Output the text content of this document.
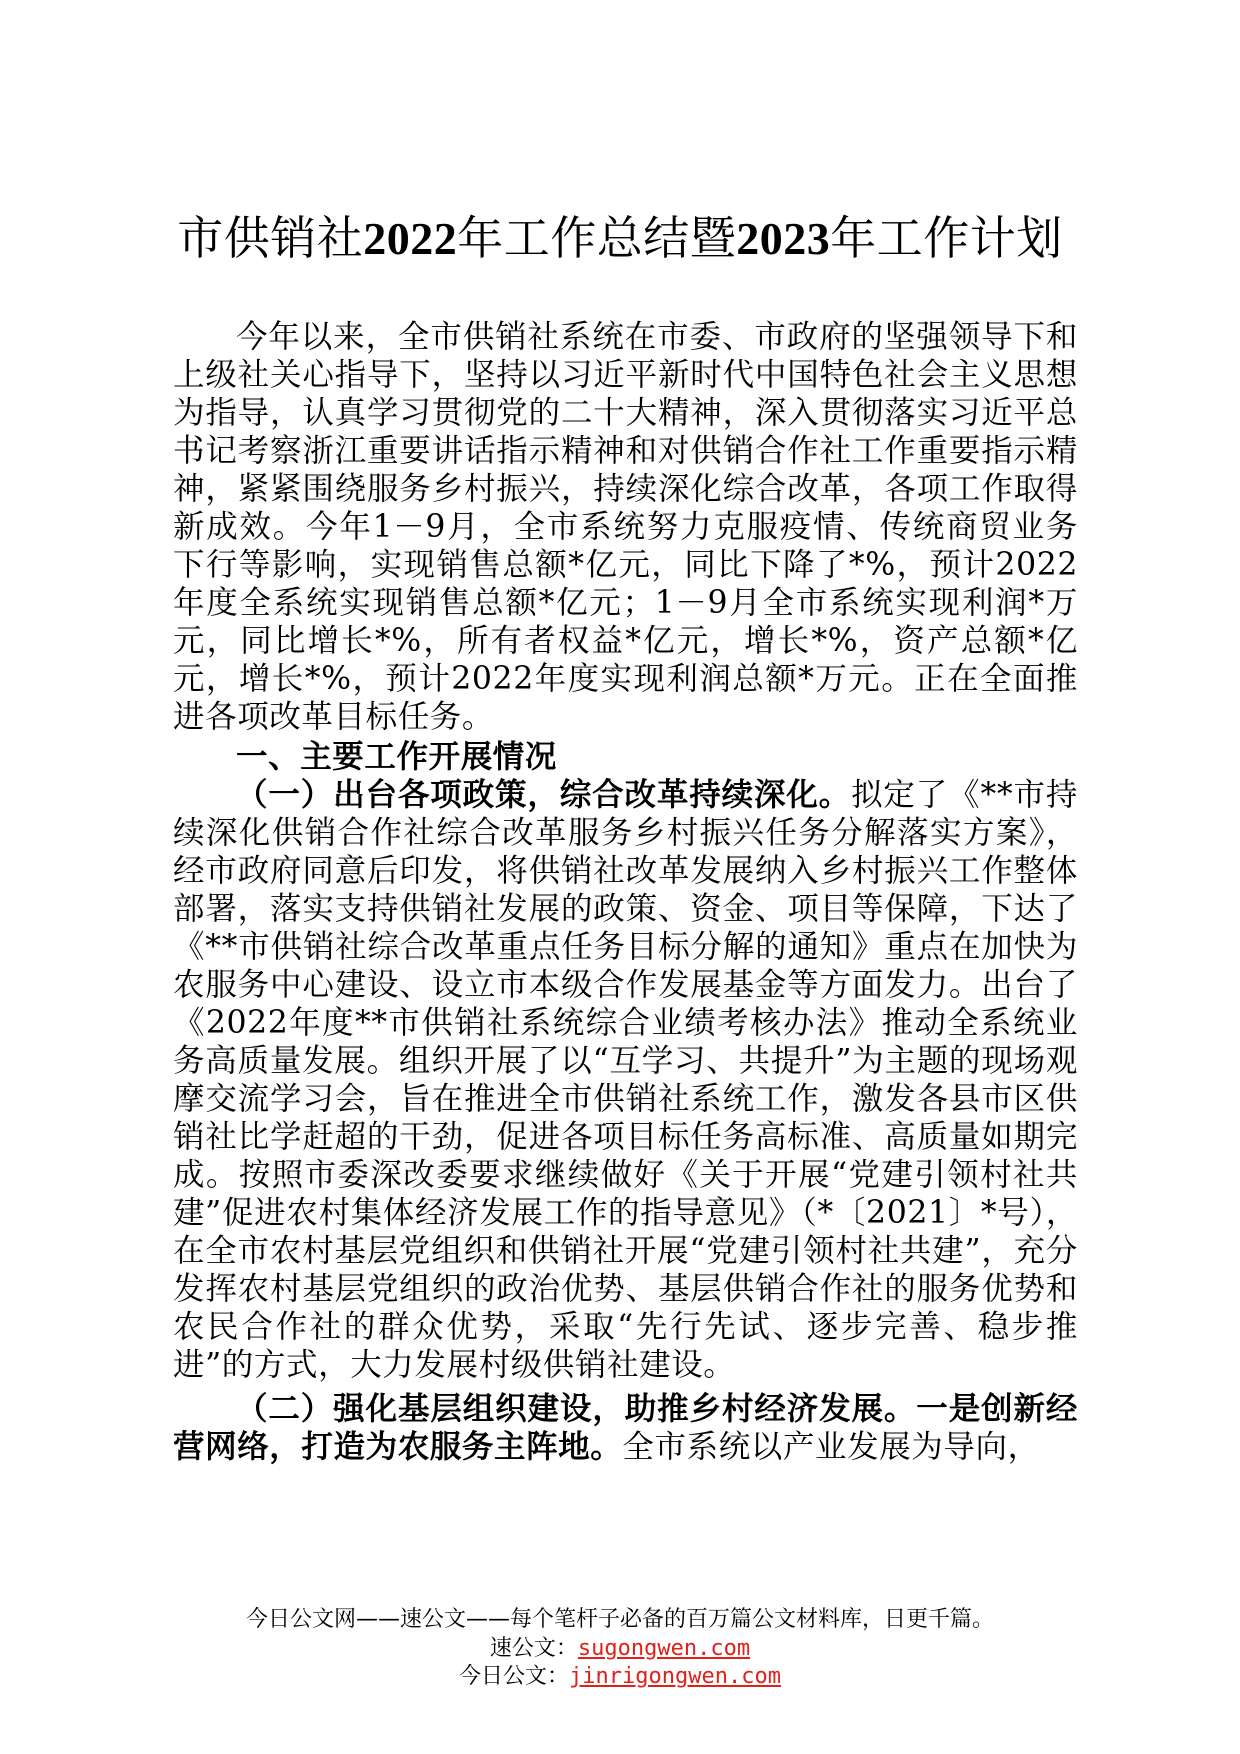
市供销社2022年工作总结暨2023年工作计划

今年以来，全市供销社系统在市委、市政府的坚强领导下和上级社关心指导下，坚持以习近平新时代中国特色社会主义思想为指导，认真学习贯彻党的二十大精神，深入贯彻落实习近平总书记考察浙江重要讲话指示精神和对供销合作社工作重要指示精神，紧紧围绕服务乡村振兴，持续深化综合改革，各项工作取得新成效。今年1－9月，全市系统努力克服疫情、传统商贸业务下行等影响，实现销售总额*亿元，同比下降了*%，预计2022年度全系统实现销售总额*亿元；1－9月全市系统实现利润*万元，同比增长*%，所有者权益*亿元，增长*%，资产总额*亿元，增长*%，预计2022年度实现利润总额*万元。正在全面推进各项改革目标任务。

一、主要工作开展情况

（一）出台各项政策，综合改革持续深化。拟定了《**市持续深化供销合作社综合改革服务乡村振兴任务分解落实方案》，经市政府同意后印发，将供销社改革发展纳入乡村振兴工作整体部署，落实支持供销社发展的政策、资金、项目等保障，下达了《**市供销社综合改革重点任务目标分解的通知》重点在加快为农服务中心建设、设立市本级合作发展基金等方面发力。出台了《2022年度**市供销社系统综合业绩考核办法》推动全系统业务高质量发展。组织开展了以“互学习、共提升”为主题的现场观摩交流学习会，旨在推进全市供销社系统工作，激发各县市区供销社比学赶超的干劲，促进各项目标任务高标准、高质量如期完成。按照市委深改委要求继续做好《关于开展“党建引领村社共建”促进农村集体经济发展工作的指导意见》（*〔2021〕*号），在全市农村基层党组织和供销社开展“党建引领村社共建”，充分发挥农村基层党组织的政治优势、基层供销合作社的服务优势和农民合作社的群众优势，采取“先行先试、逐步完善、稳步推进”的方式，大力发展村级供销社建设。

（二）强化基层组织建设，助推乡村经济发展。一是创新经营网络，打造为农服务主阵地。全市系统以产业发展为导向，

今日公文网——速公文——每个笔杆子必备的百万篇公文材料库，日更千篇。
速公文：sugongwen.com
今日公文：jinrigongwen.com
